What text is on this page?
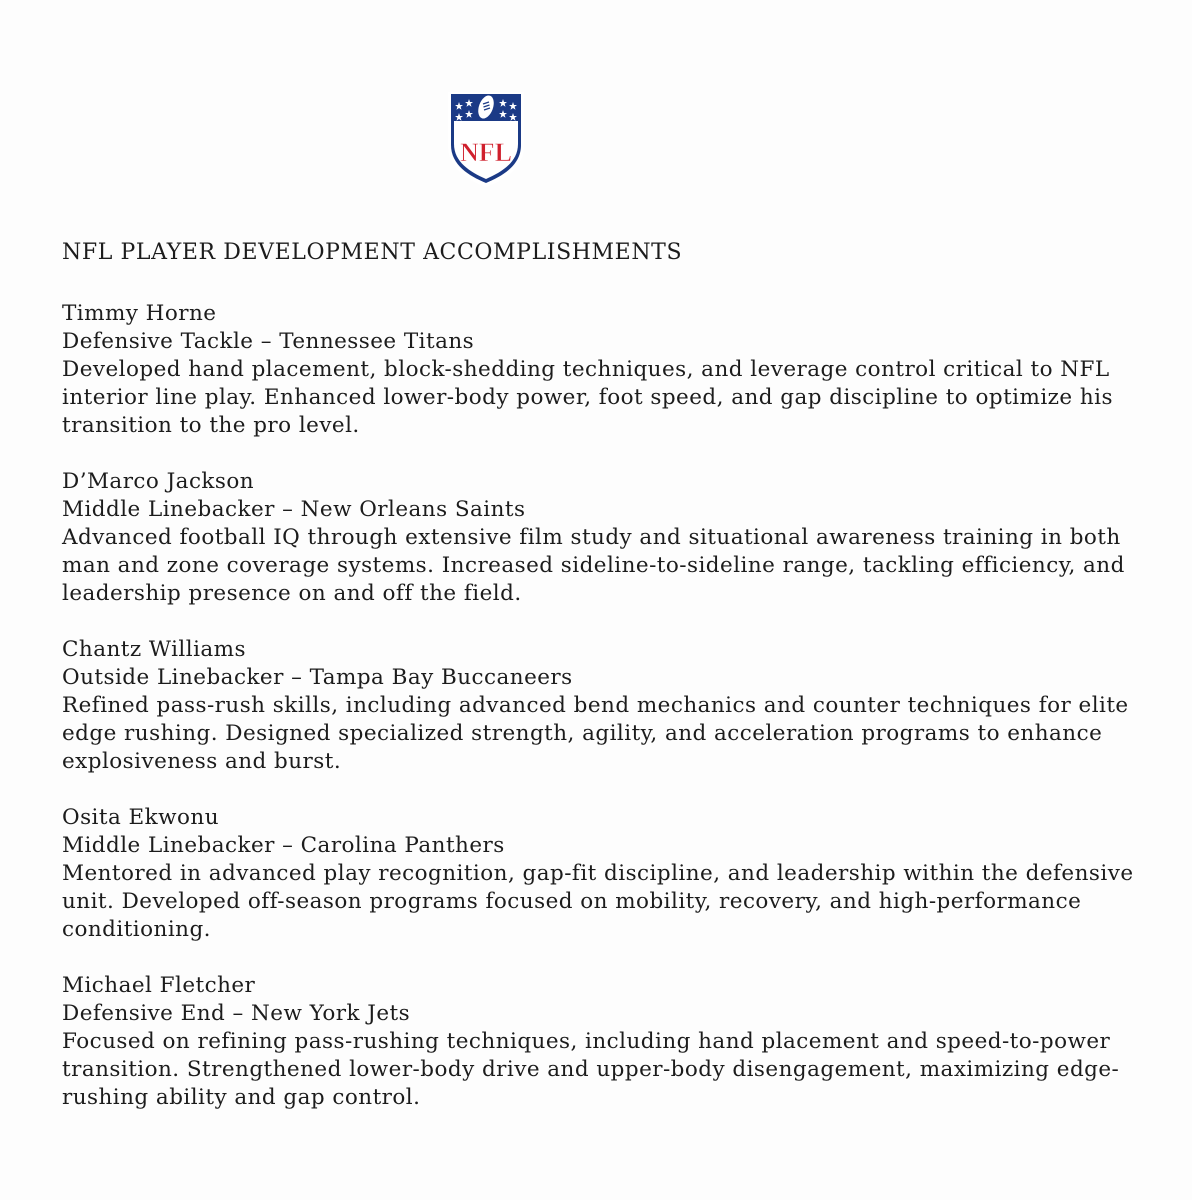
NFL
NFL PLAYER DEVELOPMENT ACCOMPLISHMENTS
Timmy Horne
Defensive Tackle – Tennessee Titans
Developed hand placement, block-shedding techniques, and leverage control critical to NFL interior line play. Enhanced lower-body power, foot speed, and gap discipline to optimize his transition to the pro level.
D’Marco Jackson
Middle Linebacker – New Orleans Saints
Advanced football IQ through extensive film study and situational awareness training in both man and zone coverage systems. Increased sideline-to-sideline range, tackling efficiency, and leadership presence on and off the field.
Chantz Williams
Outside Linebacker – Tampa Bay Buccaneers
Refined pass-rush skills, including advanced bend mechanics and counter techniques for elite edge rushing. Designed specialized strength, agility, and acceleration programs to enhance explosiveness and burst.
Osita Ekwonu
Middle Linebacker – Carolina Panthers
Mentored in advanced play recognition, gap-fit discipline, and leadership within the defensive unit. Developed off-season programs focused on mobility, recovery, and high-performance conditioning.
Michael Fletcher
Defensive End – New York Jets
Focused on refining pass-rushing techniques, including hand placement and speed-to-power transition. Strengthened lower-body drive and upper-body disengagement, maximizing edge-rushing ability and gap control.
